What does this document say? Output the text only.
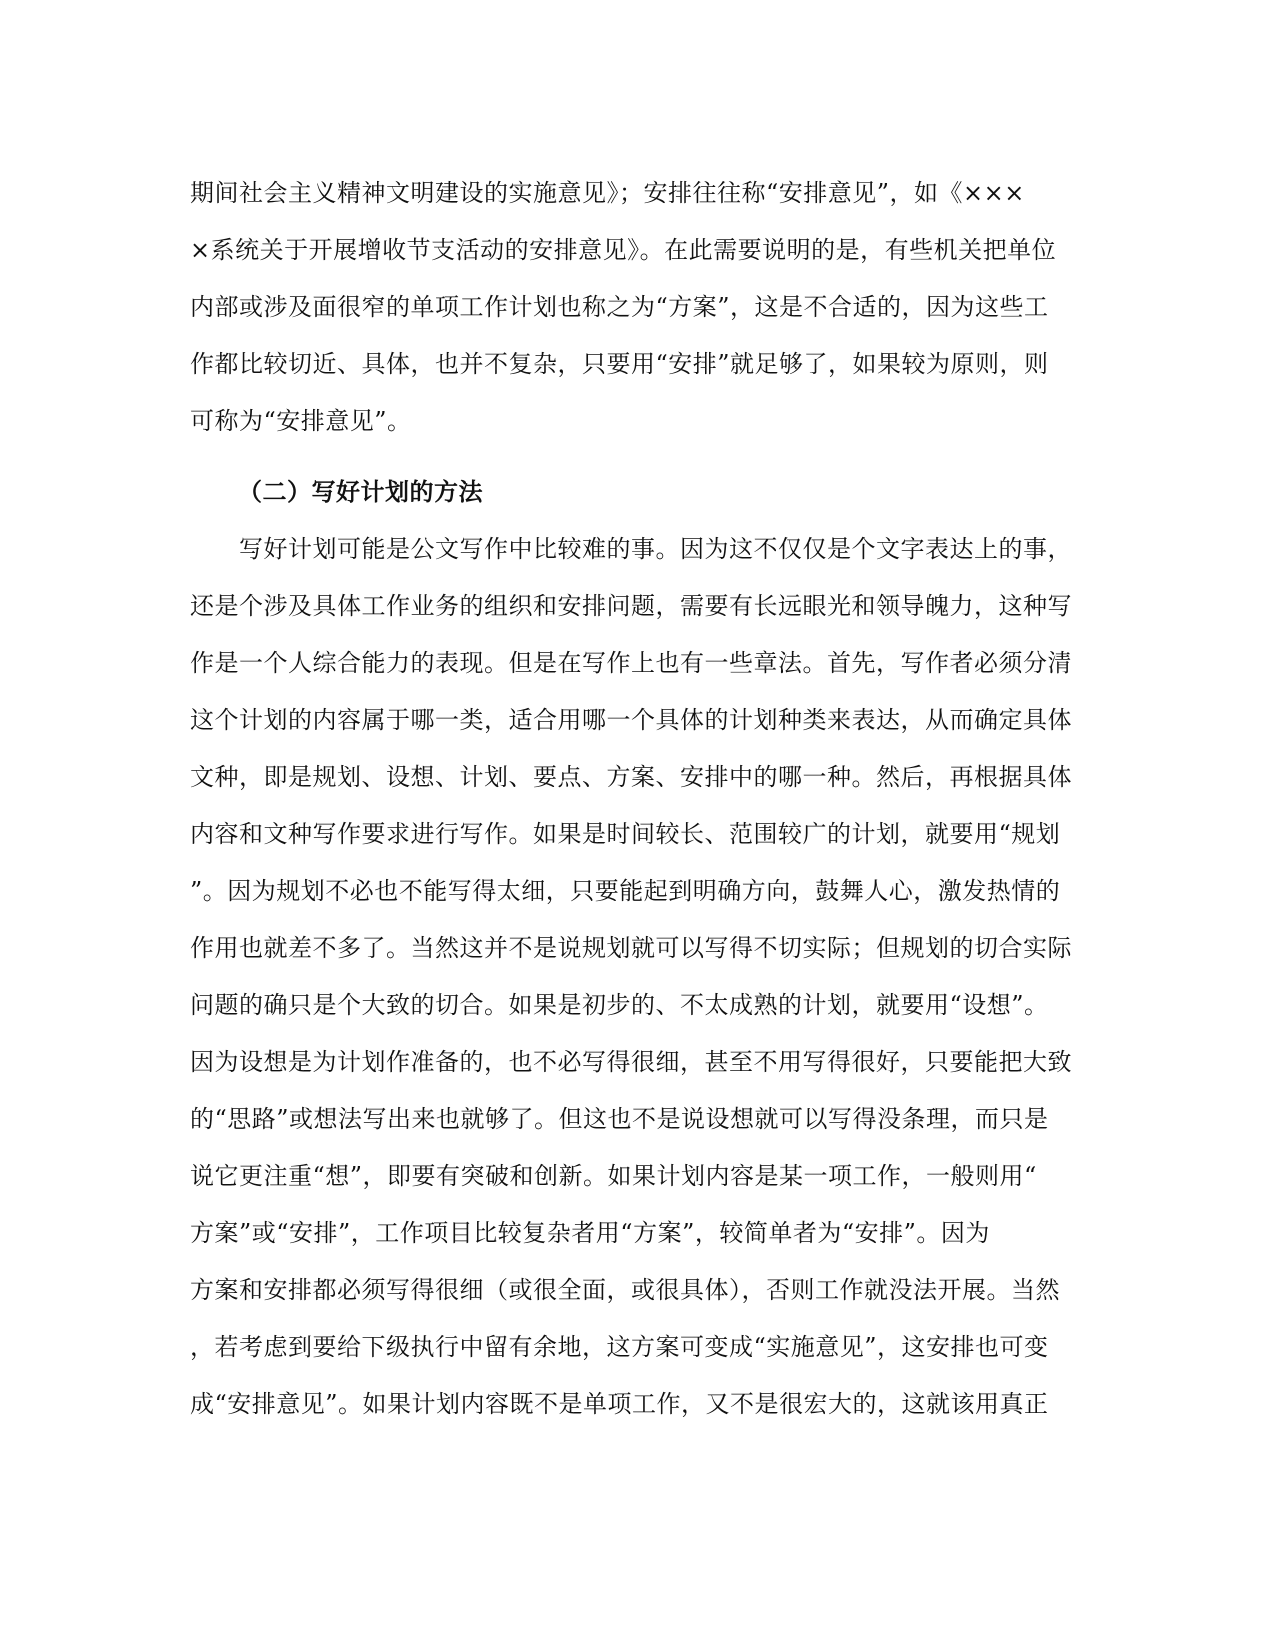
期间社会主义精神文明建设的实施意见》；安排往往称“安排意见”，如《×××
×系统关于开展增收节支活动的安排意见》。在此需要说明的是，有些机关把单位
内部或涉及面很窄的单项工作计划也称之为“方案”，这是不合适的，因为这些工
作都比较切近、具体，也并不复杂，只要用“安排”就足够了，如果较为原则，则
可称为“安排意见”。
（二）写好计划的方法
　　写好计划可能是公文写作中比较难的事。因为这不仅仅是个文字表达上的事，
还是个涉及具体工作业务的组织和安排问题，需要有长远眼光和领导魄力，这种写
作是一个人综合能力的表现。但是在写作上也有一些章法。首先，写作者必须分清
这个计划的内容属于哪一类，适合用哪一个具体的计划种类来表达，从而确定具体
文种，即是规划、设想、计划、要点、方案、安排中的哪一种。然后，再根据具体
内容和文种写作要求进行写作。如果是时间较长、范围较广的计划，就要用“规划
”。因为规划不必也不能写得太细，只要能起到明确方向，鼓舞人心，激发热情的
作用也就差不多了。当然这并不是说规划就可以写得不切实际；但规划的切合实际
问题的确只是个大致的切合。如果是初步的、不太成熟的计划，就要用“设想”。
因为设想是为计划作准备的，也不必写得很细，甚至不用写得很好，只要能把大致
的“思路”或想法写出来也就够了。但这也不是说设想就可以写得没条理，而只是
说它更注重“想”，即要有突破和创新。如果计划内容是某一项工作，一般则用“
方案”或“安排”，工作项目比较复杂者用“方案”，较简单者为“安排”。因为
方案和安排都必须写得很细（或很全面，或很具体），否则工作就没法开展。当然
，若考虑到要给下级执行中留有余地，这方案可变成“实施意见”，这安排也可变
成“安排意见”。如果计划内容既不是单项工作，又不是很宏大的，这就该用真正
